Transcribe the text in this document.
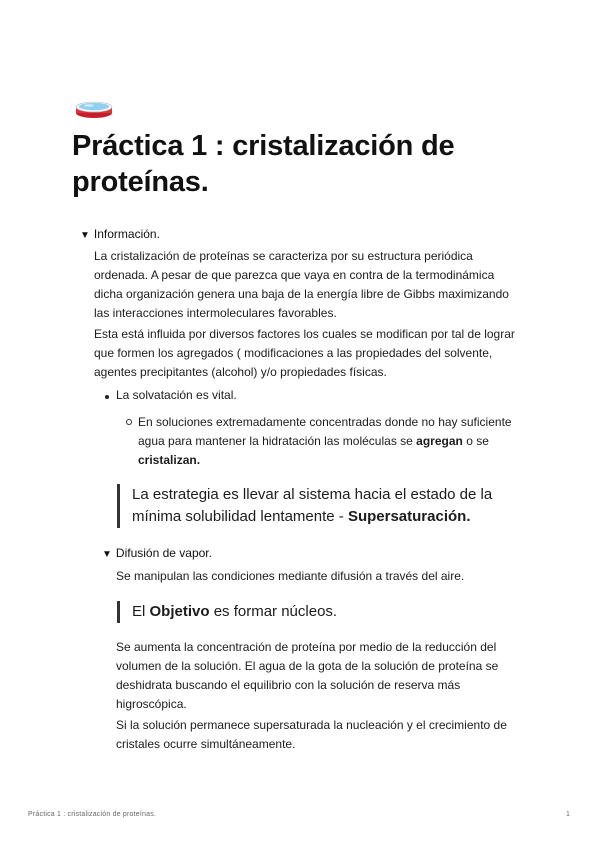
Práctica 1 : cristalización de proteínas.
▼ Información.

La cristalización de proteínas se caracteriza por su estructura periódica ordenada. A pesar de que parezca que vaya en contra de la termodinámica dicha organización genera una baja de la energía libre de Gibbs maximizando las interacciones intermoleculares favorables.

Esta está influida por diversos factores los cuales se modifican por tal de lograr que formen los agregados ( modificaciones a las propiedades del solvente, agentes precipitantes (alcohol) y/o propiedades físicas.

La solvatación es vital.
En soluciones extremadamente concentradas donde no hay suficiente agua para mantener la hidratación las moléculas se agregan o se cristalizan.
La estrategia es llevar al sistema hacia el estado de la mínima solubilidad lentamente - Supersaturación.
▼ Difusión de vapor.

Se manipulan las condiciones mediante difusión a través del aire.

El Objetivo es formar núcleos.

Se aumenta la concentración de proteína por medio de la reducción del volumen de la solución. El agua de la gota de la solución de proteína se deshidrata buscando el equilibrio con la solución de reserva más higroscópica.

Si la solución permanece supersaturada la nucleación y el crecimiento de cristales ocurre simultáneamente.

Práctica 1 : cristalización de proteínas.	1
